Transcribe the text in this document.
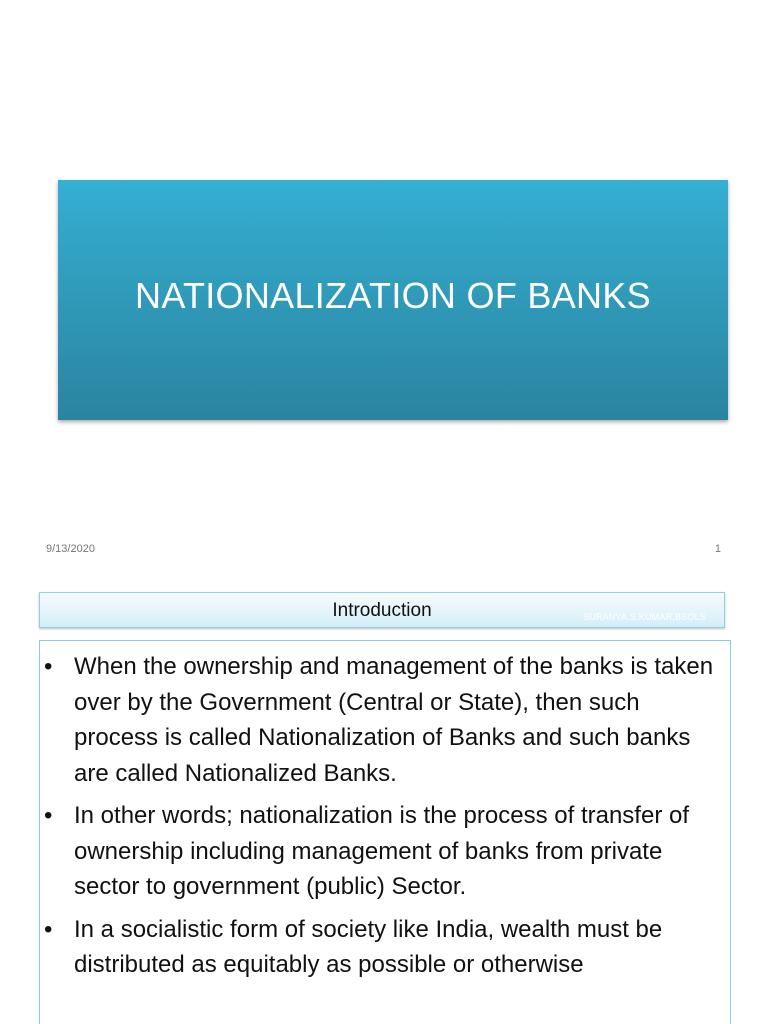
NATIONALIZATION OF BANKS
9/13/2020	1
Introduction	SURANYA.S.KUMAR,BSOLS
• When the ownership and management of the banks is taken over by the Government (Central or State), then such process is called Nationalization of Banks and such banks are called Nationalized Banks.
• In other words; nationalization is the process of transfer of ownership including management of banks from private sector to government (public) Sector.
• In a socialistic form of society like India, wealth must be distributed as equitably as possible or otherwise
